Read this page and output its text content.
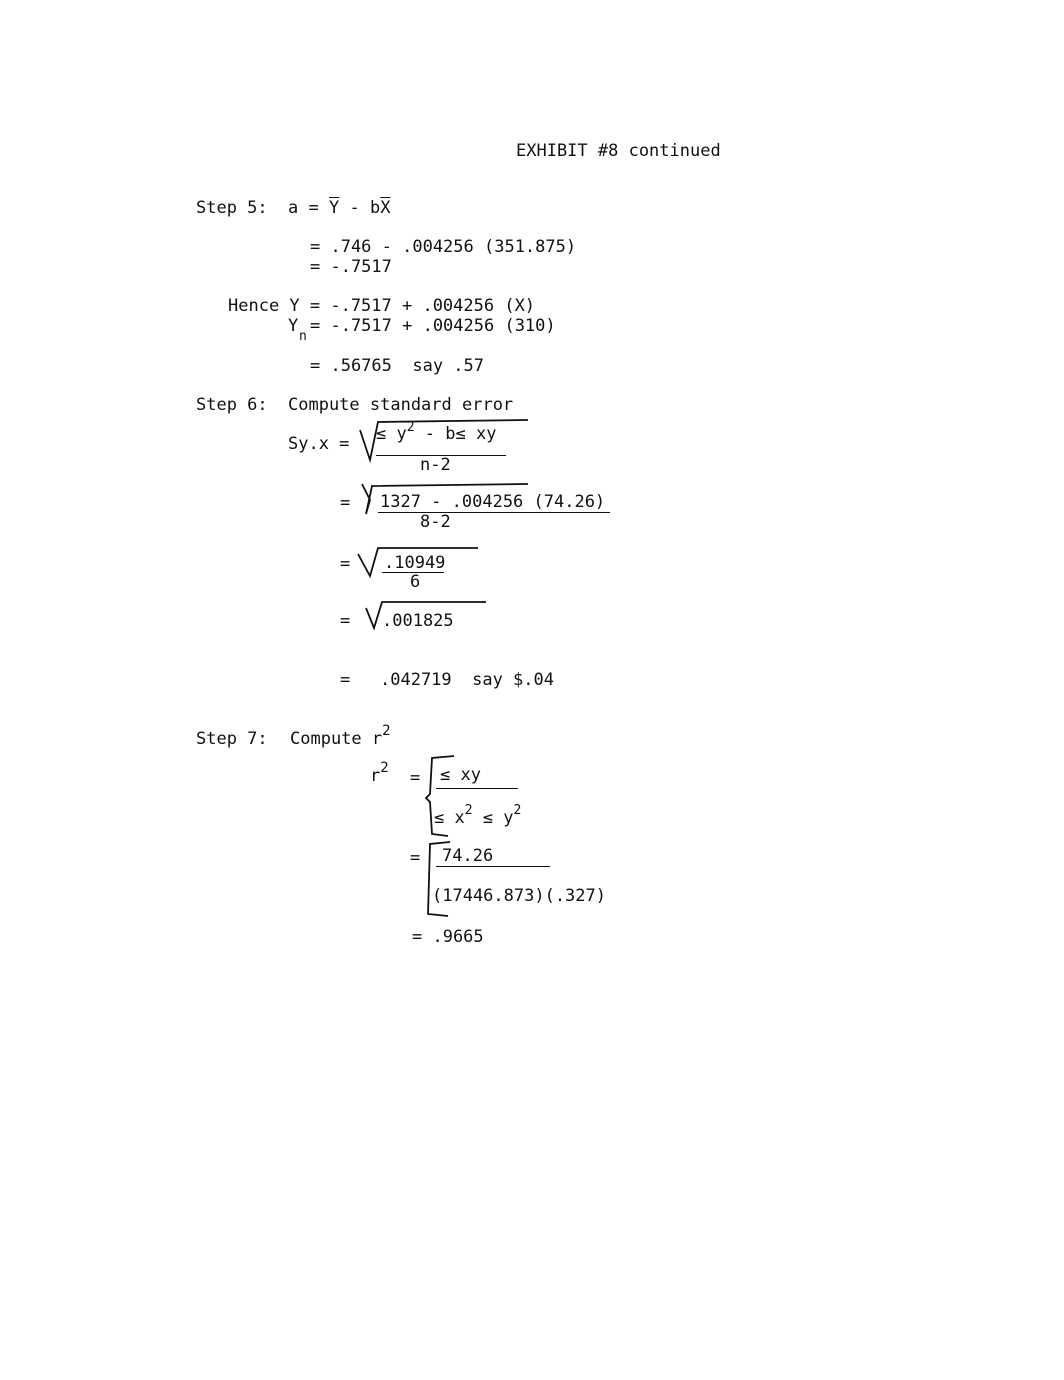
EXHIBIT #8 continued
Step 5: $a = \overline{Y} - b\overline{X}$
= .746 - .004256 (351.875)
= -.7517
Hence Y = -.7517 + .004256 (X)
Y
n
= -.7517 + .004256 (310)
= .56765  say .57
Step 6: Compute standard error
Sy.x = ≤ $y^2 - b\le$ xy
n-2
= 1327 - .004256 (74.26)
8-2
= .10949
6
= .001825
= .042719  say $.04
Step 7: Compute $r^2$
$r^2$ = ≤ xy
≤ $x^2 \le y^2$
= 74.26
(17446.873)(.327)
= .9665
